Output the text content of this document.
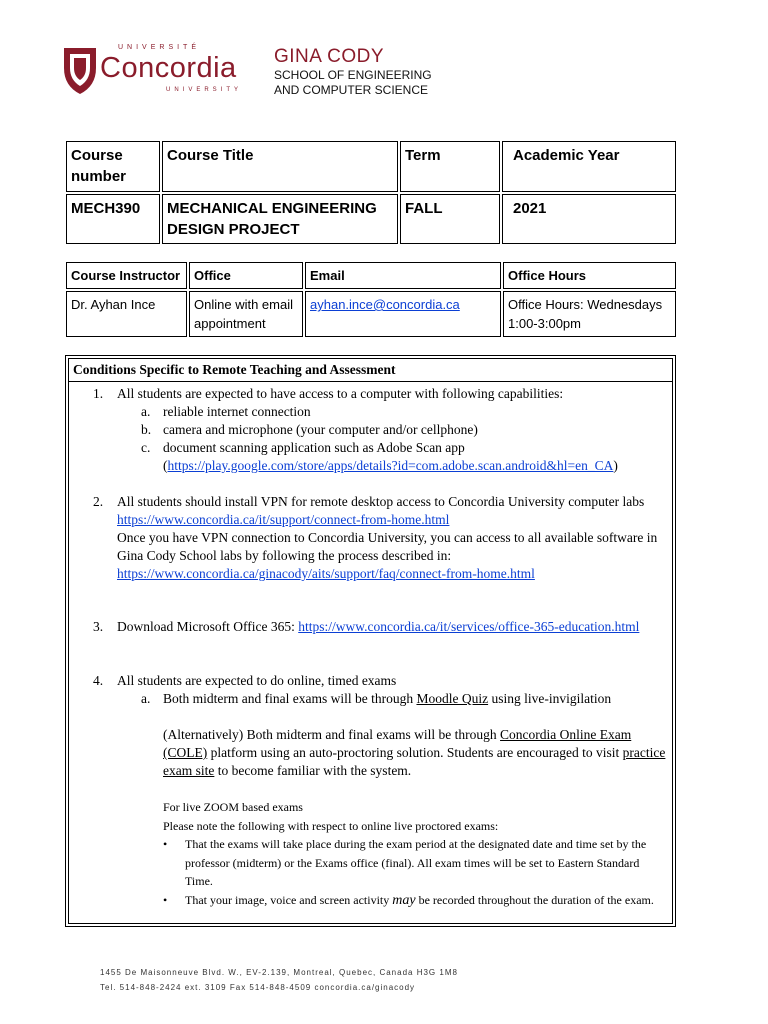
UNIVERSITÉ
Concordia
UNIVERSITY
GINA CODY
SCHOOL OF ENGINEERING
AND COMPUTER SCIENCE
Course number	Course Title	Term	Academic Year
MECH390	MECHANICAL ENGINEERING DESIGN PROJECT	FALL	2021
Course Instructor	Office	Email	Office Hours
Dr. Ayhan Ince	Online with email appointment	ayhan.ince@concordia.ca	Office Hours: Wednesdays 1:00-3:00pm
Conditions Specific to Remote Teaching and Assessment
1. All students are expected to have access to a computer with following capabilities:
a. reliable internet connection
b. camera and microphone (your computer and/or cellphone)
c. document scanning application such as Adobe Scan app
(https://play.google.com/store/apps/details?id=com.adobe.scan.android&hl=en_CA)
2. All students should install VPN for remote desktop access to Concordia University computer labs
https://www.concordia.ca/it/support/connect-from-home.html
Once you have VPN connection to Concordia University, you can access to all available software in Gina Cody School labs by following the process described in:
https://www.concordia.ca/ginacody/aits/support/faq/connect-from-home.html
3. Download Microsoft Office 365: https://www.concordia.ca/it/services/office-365-education.html
4. All students are expected to do online, timed exams
a. Both midterm and final exams will be through Moodle Quiz using live-invigilation
(Alternatively) Both midterm and final exams will be through Concordia Online Exam (COLE) platform using an auto-proctoring solution. Students are encouraged to visit practice exam site to become familiar with the system.
For live ZOOM based exams
Please note the following with respect to online live proctored exams:
• That the exams will take place during the exam period at the designated date and time set by the professor (midterm) or the Exams office (final). All exam times will be set to Eastern Standard Time.
• That your image, voice and screen activity may be recorded throughout the duration of the exam.
1455 De Maisonneuve Blvd. W., EV-2.139, Montreal, Quebec, Canada H3G 1M8
Tel. 514-848-2424 ext. 3109 Fax 514-848-4509 concordia.ca/ginacody
